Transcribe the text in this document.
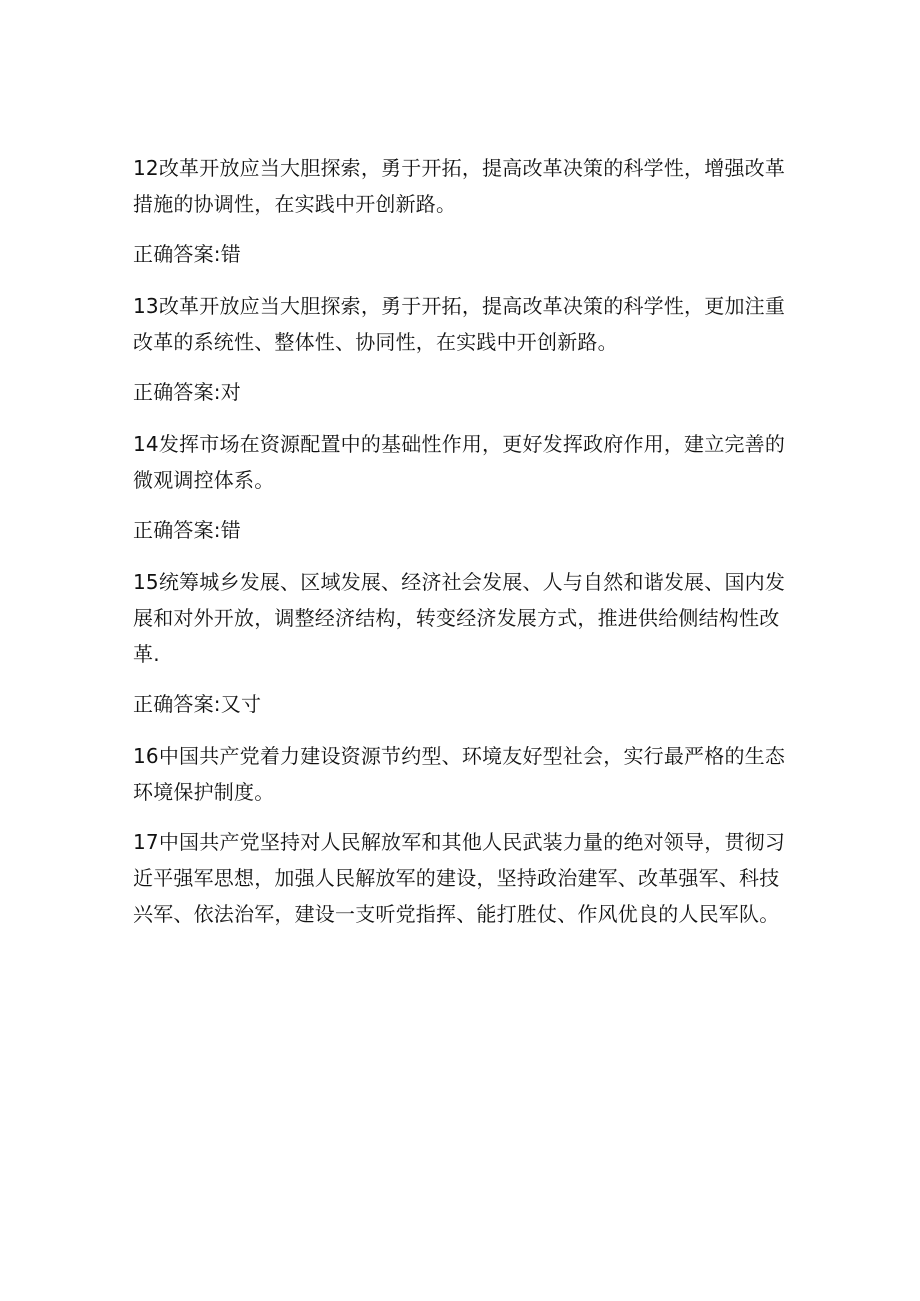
12改革开放应当大胆探索，勇于开拓，提高改革决策的科学性，增强改革措施的协调性，在实践中开创新路。

正确答案:错

13改革开放应当大胆探索，勇于开拓，提高改革决策的科学性，更加注重改革的系统性、整体性、协同性，在实践中开创新路。

正确答案:对

14发挥市场在资源配置中的基础性作用，更好发挥政府作用，建立完善的微观调控体系。

正确答案:错

15统筹城乡发展、区域发展、经济社会发展、人与自然和谐发展、国内发展和对外开放，调整经济结构，转变经济发展方式，推进供给侧结构性改革.

正确答案:又寸

16中国共产党着力建设资源节约型、环境友好型社会，实行最严格的生态环境保护制度。

17中国共产党坚持对人民解放军和其他人民武装力量的绝对领导，贯彻习近平强军思想，加强人民解放军的建设，坚持政治建军、改革强军、科技兴军、依法治军，建设一支听党指挥、能打胜仗、作风优良的人民军队。
